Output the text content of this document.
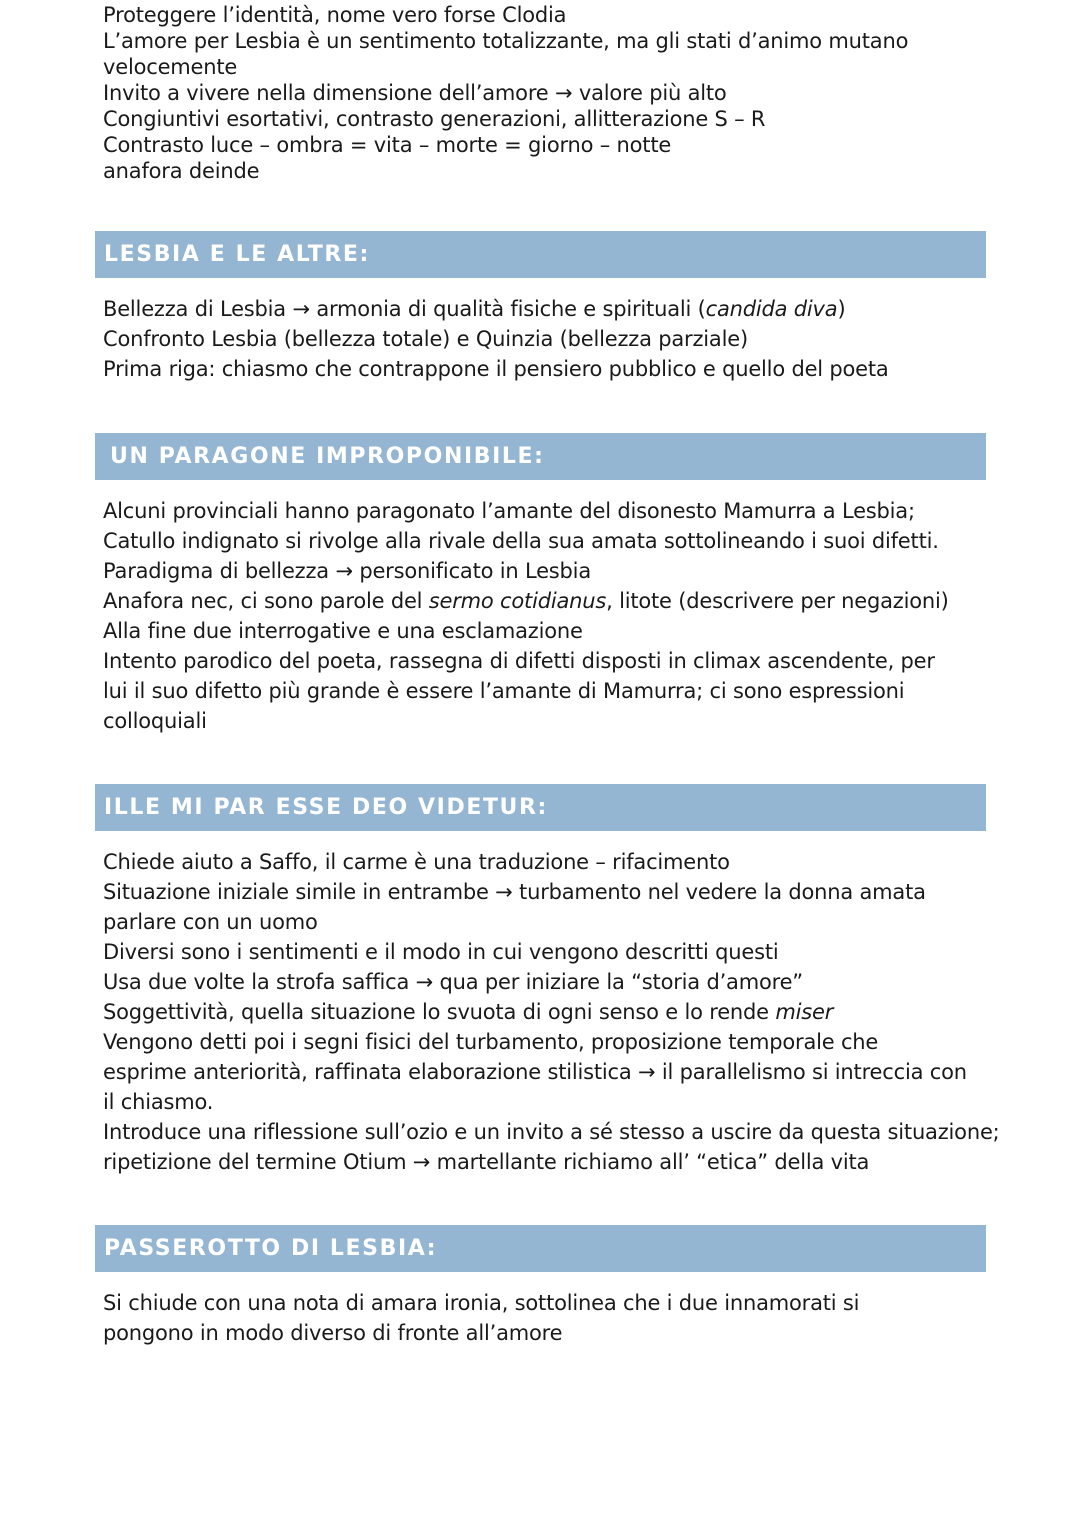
Proteggere l’identità, nome vero forse Clodia
L’amore per Lesbia è un sentimento totalizzante, ma gli stati d’animo mutano
velocemente
Invito a vivere nella dimensione dell’amore → valore più alto
Congiuntivi esortativi, contrasto generazioni, allitterazione S – R
Contrasto luce – ombra = vita – morte = giorno – notte
anafora deinde
LESBIA E LE ALTRE:
Bellezza di Lesbia → armonia di qualità fisiche e spirituali (candida diva)
Confronto Lesbia (bellezza totale) e Quinzia (bellezza parziale)
Prima riga: chiasmo che contrappone il pensiero pubblico e quello del poeta
UN PARAGONE IMPROPONIBILE:
Alcuni provinciali hanno paragonato l’amante del disonesto Mamurra a Lesbia;
Catullo indignato si rivolge alla rivale della sua amata sottolineando i suoi difetti.
Paradigma di bellezza → personificato in Lesbia
Anafora nec, ci sono parole del sermo cotidianus, litote (descrivere per negazioni)
Alla fine due interrogative e una esclamazione
Intento parodico del poeta, rassegna di difetti disposti in climax ascendente, per
lui il suo difetto più grande è essere l’amante di Mamurra; ci sono espressioni
colloquiali
ILLE MI PAR ESSE DEO VIDETUR:
Chiede aiuto a Saffo, il carme è una traduzione – rifacimento
Situazione iniziale simile in entrambe → turbamento nel vedere la donna amata
parlare con un uomo
Diversi sono i sentimenti e il modo in cui vengono descritti questi
Usa due volte la strofa saffica → qua per iniziare la “storia d’amore”
Soggettività, quella situazione lo svuota di ogni senso e lo rende miser
Vengono detti poi i segni fisici del turbamento, proposizione temporale che
esprime anteriorità, raffinata elaborazione stilistica → il parallelismo si intreccia con
il chiasmo.
Introduce una riflessione sull’ozio e un invito a sé stesso a uscire da questa situazione;
ripetizione del termine Otium → martellante richiamo all’ “etica” della vita
PASSEROTTO DI LESBIA:
Si chiude con una nota di amara ironia, sottolinea che i due innamorati si
pongono in modo diverso di fronte all’amore
